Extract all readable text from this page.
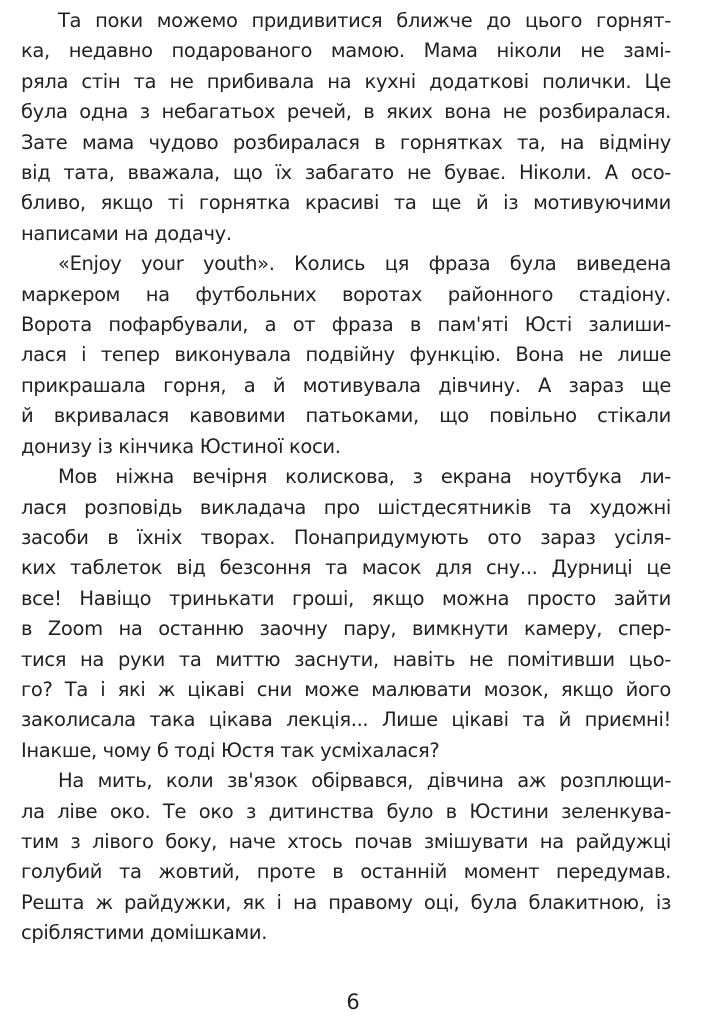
Та поки можемо придивитися ближче до цього горнят-
ка, недавно подарованого мамою. Мама ніколи не замі-
ряла стін та не прибивала на кухні додаткові полички. Це
була одна з небагатьох речей, в яких вона не розбиралася.
Зате мама чудово розбиралася в горнятках та, на відміну
від тата, вважала, що їх забагато не буває. Ніколи. А осо-
бливо, якщо ті горнятка красиві та ще й із мотивуючими
написами на додачу.
«Enjoy your youth». Колись ця фраза була виведена
маркером на футбольних воротах районного стадіону.
Ворота пофарбували, а от фраза в пам'яті Юсті залиши-
лася і тепер виконувала подвійну функцію. Вона не лише
прикрашала горня, а й мотивувала дівчину. А зараз ще
й вкривалася кавовими патьоками, що повільно стікали
донизу із кінчика Юстиної коси.
Мов ніжна вечірня колискова, з екрана ноутбука ли-
лася розповідь викладача про шістдесятників та художні
засоби в їхніх творах. Понапридумують ото зараз усіля-
ких таблеток від безсоння та масок для сну... Дурниці це
все! Навіщо тринькати гроші, якщо можна просто зайти
в Zoom на останню заочну пару, вимкнути камеру, спер-
тися на руки та миттю заснути, навіть не помітивши цьо-
го? Та і які ж цікаві сни може малювати мозок, якщо його
заколисала така цікава лекція... Лише цікаві та й приємні!
Інакше, чому б тоді Юстя так усміхалася?
На мить, коли зв'язок обірвався, дівчина аж розплющи-
ла ліве око. Те око з дитинства було в Юстини зеленкува-
тим з лівого боку, наче хтось почав змішувати на райдужці
голубий та жовтий, проте в останній момент передумав.
Решта ж райдужки, як і на правому оці, була блакитною, із
сріблястими домішками.
6
